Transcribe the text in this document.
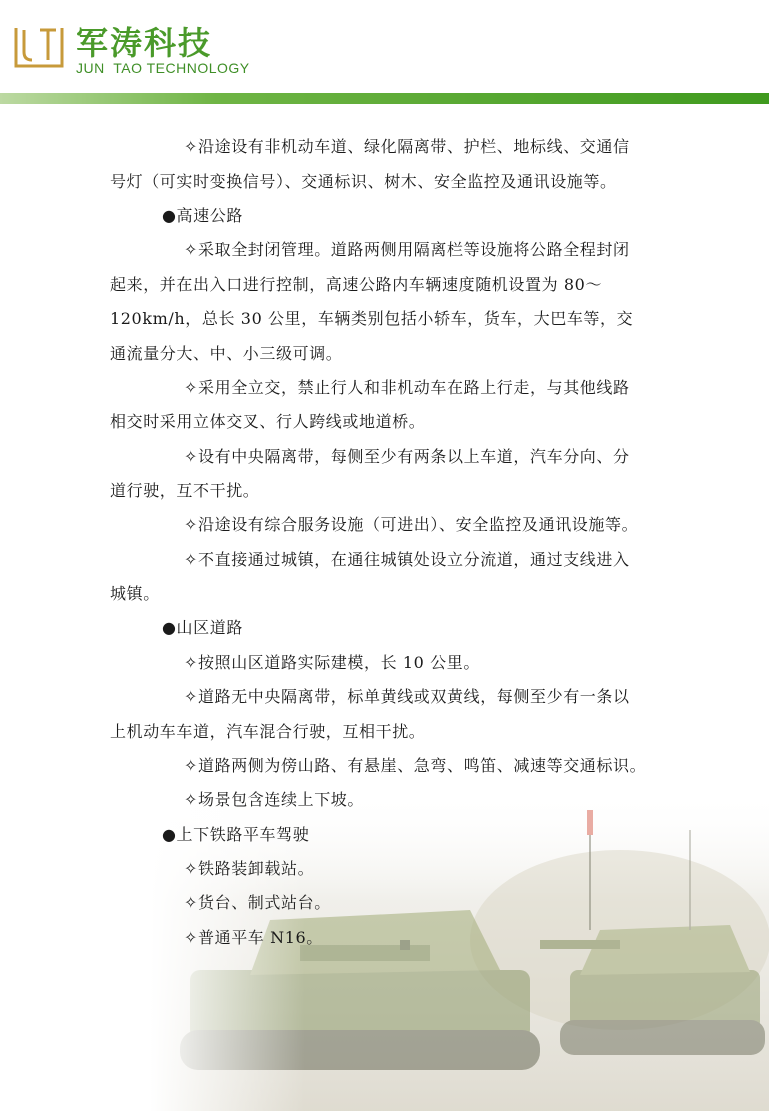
军涛科技
JUN  TAO TECHNOLOGY

✧沿途设有非机动车道、绿化隔离带、护栏、地标线、交通信

号灯（可实时变换信号）、交通标识、树木、安全监控及通讯设施等。

●高速公路

✧采取全封闭管理。道路两侧用隔离栏等设施将公路全程封闭

起来，并在出入口进行控制，高速公路内车辆速度随机设置为 80～

120km/h，总长 30 公里，车辆类别包括小轿车，货车，大巴车等，交

通流量分大、中、小三级可调。

✧采用全立交，禁止行人和非机动车在路上行走，与其他线路

相交时采用立体交叉、行人跨线或地道桥。

✧设有中央隔离带，每侧至少有两条以上车道，汽车分向、分

道行驶，互不干扰。

✧沿途设有综合服务设施（可进出）、安全监控及通讯设施等。

✧不直接通过城镇，在通往城镇处设立分流道，通过支线进入

城镇。

●山区道路

✧按照山区道路实际建模，长 10 公里。

✧道路无中央隔离带，标单黄线或双黄线，每侧至少有一条以

上机动车车道，汽车混合行驶，互相干扰。

✧道路两侧为傍山路、有悬崖、急弯、鸣笛、减速等交通标识。

✧场景包含连续上下坡。

●上下铁路平车驾驶

✧铁路装卸载站。

✧货台、制式站台。

✧普通平车 N16。
